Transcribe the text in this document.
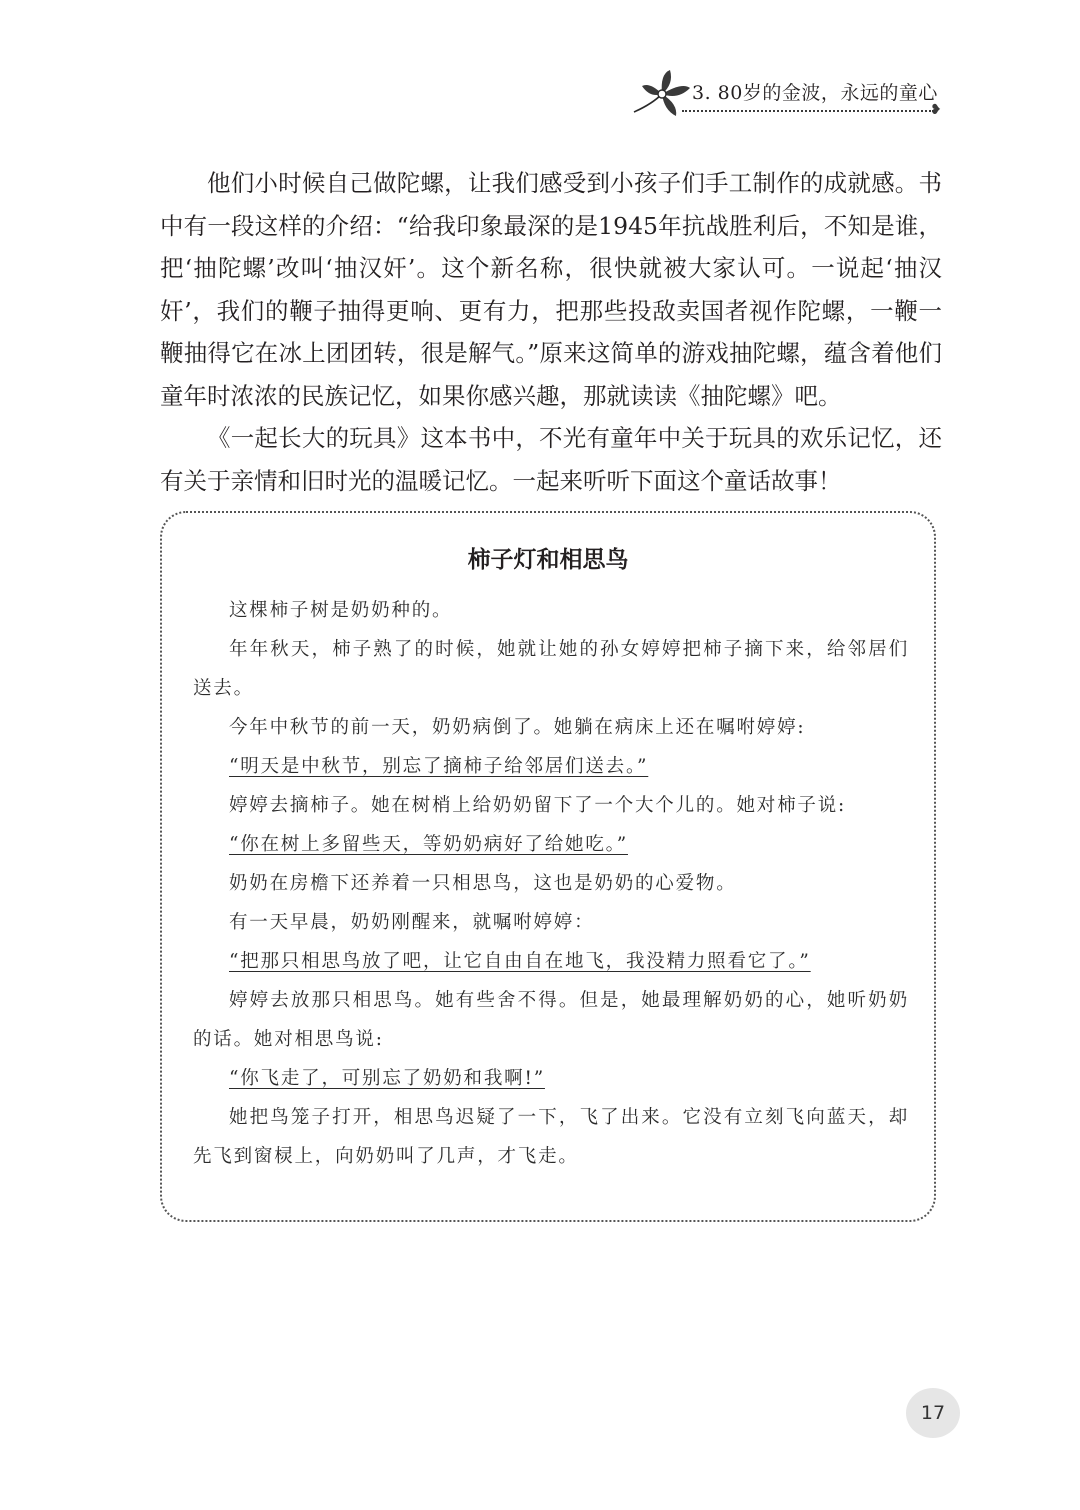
3. 80岁的金波，永远的童心
❥

他们小时候自己做陀螺，让我们感受到小孩子们手工制作的成就感。书中有一段这样的介绍：“给我印象最深的是1945年抗战胜利后，不知是谁，把‘抽陀螺’改叫‘抽汉奸’。这个新名称，很快就被大家认可。一说起‘抽汉奸’，我们的鞭子抽得更响、更有力，把那些投敌卖国者视作陀螺，一鞭一鞭抽得它在冰上团团转，很是解气。”原来这简单的游戏抽陀螺，蕴含着他们童年时浓浓的民族记忆，如果你感兴趣，那就读读《抽陀螺》吧。

《一起长大的玩具》这本书中，不光有童年中关于玩具的欢乐记忆，还有关于亲情和旧时光的温暖记忆。一起来听听下面这个童话故事！

柿子灯和相思鸟

这棵柿子树是奶奶种的。

年年秋天，柿子熟了的时候，她就让她的孙女婷婷把柿子摘下来，给邻居们送去。

今年中秋节的前一天，奶奶病倒了。她躺在病床上还在嘱咐婷婷:

“明天是中秋节，别忘了摘柿子给邻居们送去。”

婷婷去摘柿子。她在树梢上给奶奶留下了一个大个儿的。她对柿子说:

“你在树上多留些天，等奶奶病好了给她吃。”

奶奶在房檐下还养着一只相思鸟，这也是奶奶的心爱物。

有一天早晨，奶奶刚醒来，就嘱咐婷婷：

“把那只相思鸟放了吧，让它自由自在地飞，我没精力照看它了。”

婷婷去放那只相思鸟。她有些舍不得。但是，她最理解奶奶的心，她听奶奶的话。她对相思鸟说:

“你飞走了，可别忘了奶奶和我啊!”

她把鸟笼子打开，相思鸟迟疑了一下，飞了出来。它没有立刻飞向蓝天，却先飞到窗棂上，向奶奶叫了几声，才飞走。

17
